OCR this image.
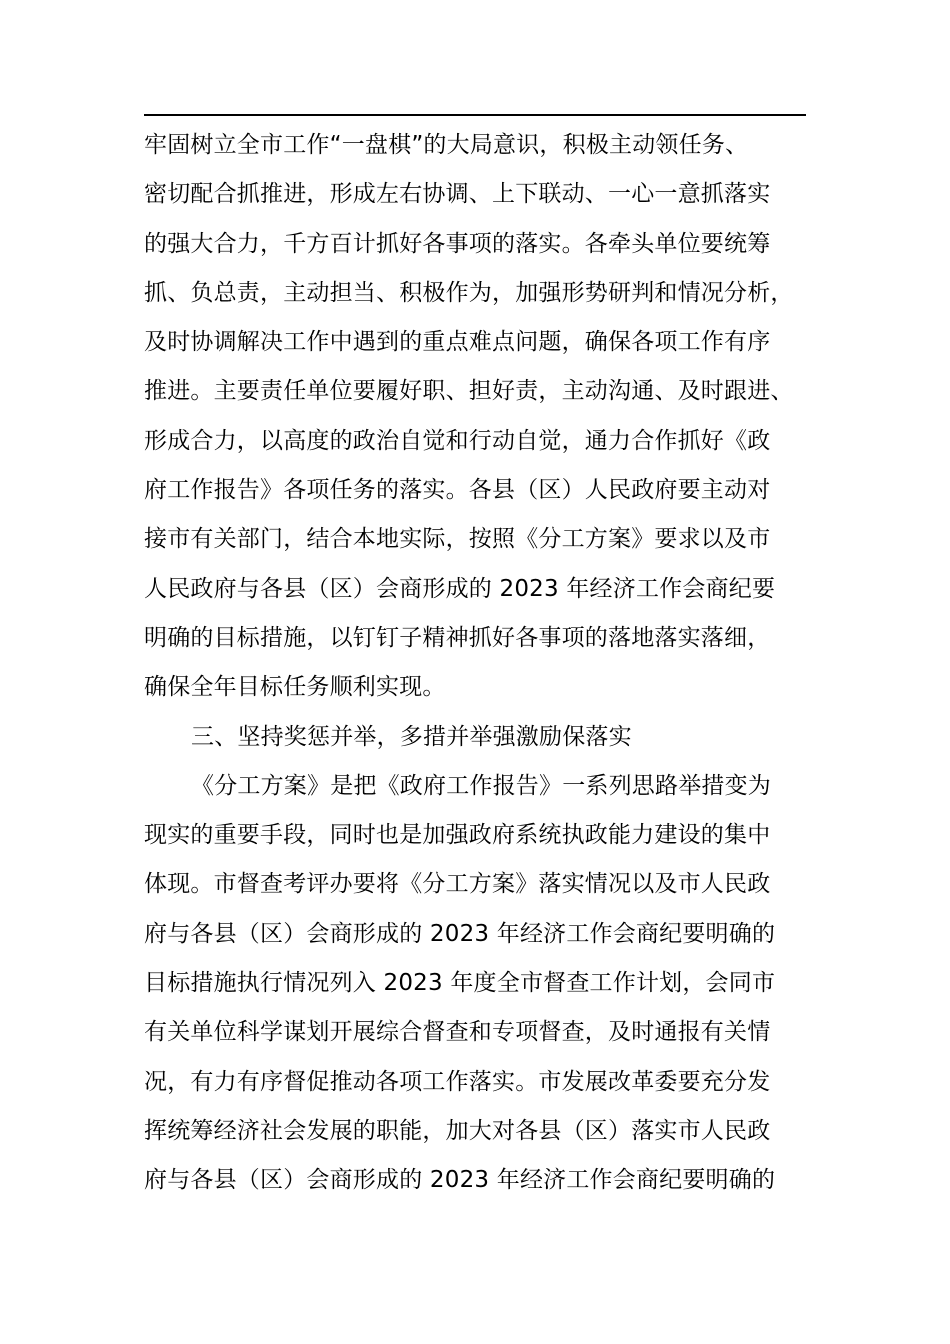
牢固树立全市工作“一盘棋”的大局意识，积极主动领任务、
密切配合抓推进，形成左右协调、上下联动、一心一意抓落实
的强大合力，千方百计抓好各事项的落实。各牵头单位要统筹
抓、负总责，主动担当、积极作为，加强形势研判和情况分析，
及时协调解决工作中遇到的重点难点问题，确保各项工作有序
推进。主要责任单位要履好职、担好责，主动沟通、及时跟进、
形成合力，以高度的政治自觉和行动自觉，通力合作抓好《政
府工作报告》各项任务的落实。各县（区）人民政府要主动对
接市有关部门，结合本地实际，按照《分工方案》要求以及市
人民政府与各县（区）会商形成的 2023 年经济工作会商纪要
明确的目标措施，以钉钉子精神抓好各事项的落地落实落细，
确保全年目标任务顺利实现。
三、坚持奖惩并举，多措并举强激励保落实
《分工方案》是把《政府工作报告》一系列思路举措变为
现实的重要手段，同时也是加强政府系统执政能力建设的集中
体现。市督查考评办要将《分工方案》落实情况以及市人民政
府与各县（区）会商形成的 2023 年经济工作会商纪要明确的
目标措施执行情况列入 2023 年度全市督查工作计划，会同市
有关单位科学谋划开展综合督查和专项督查，及时通报有关情
况，有力有序督促推动各项工作落实。市发展改革委要充分发
挥统筹经济社会发展的职能，加大对各县（区）落实市人民政
府与各县（区）会商形成的 2023 年经济工作会商纪要明确的
